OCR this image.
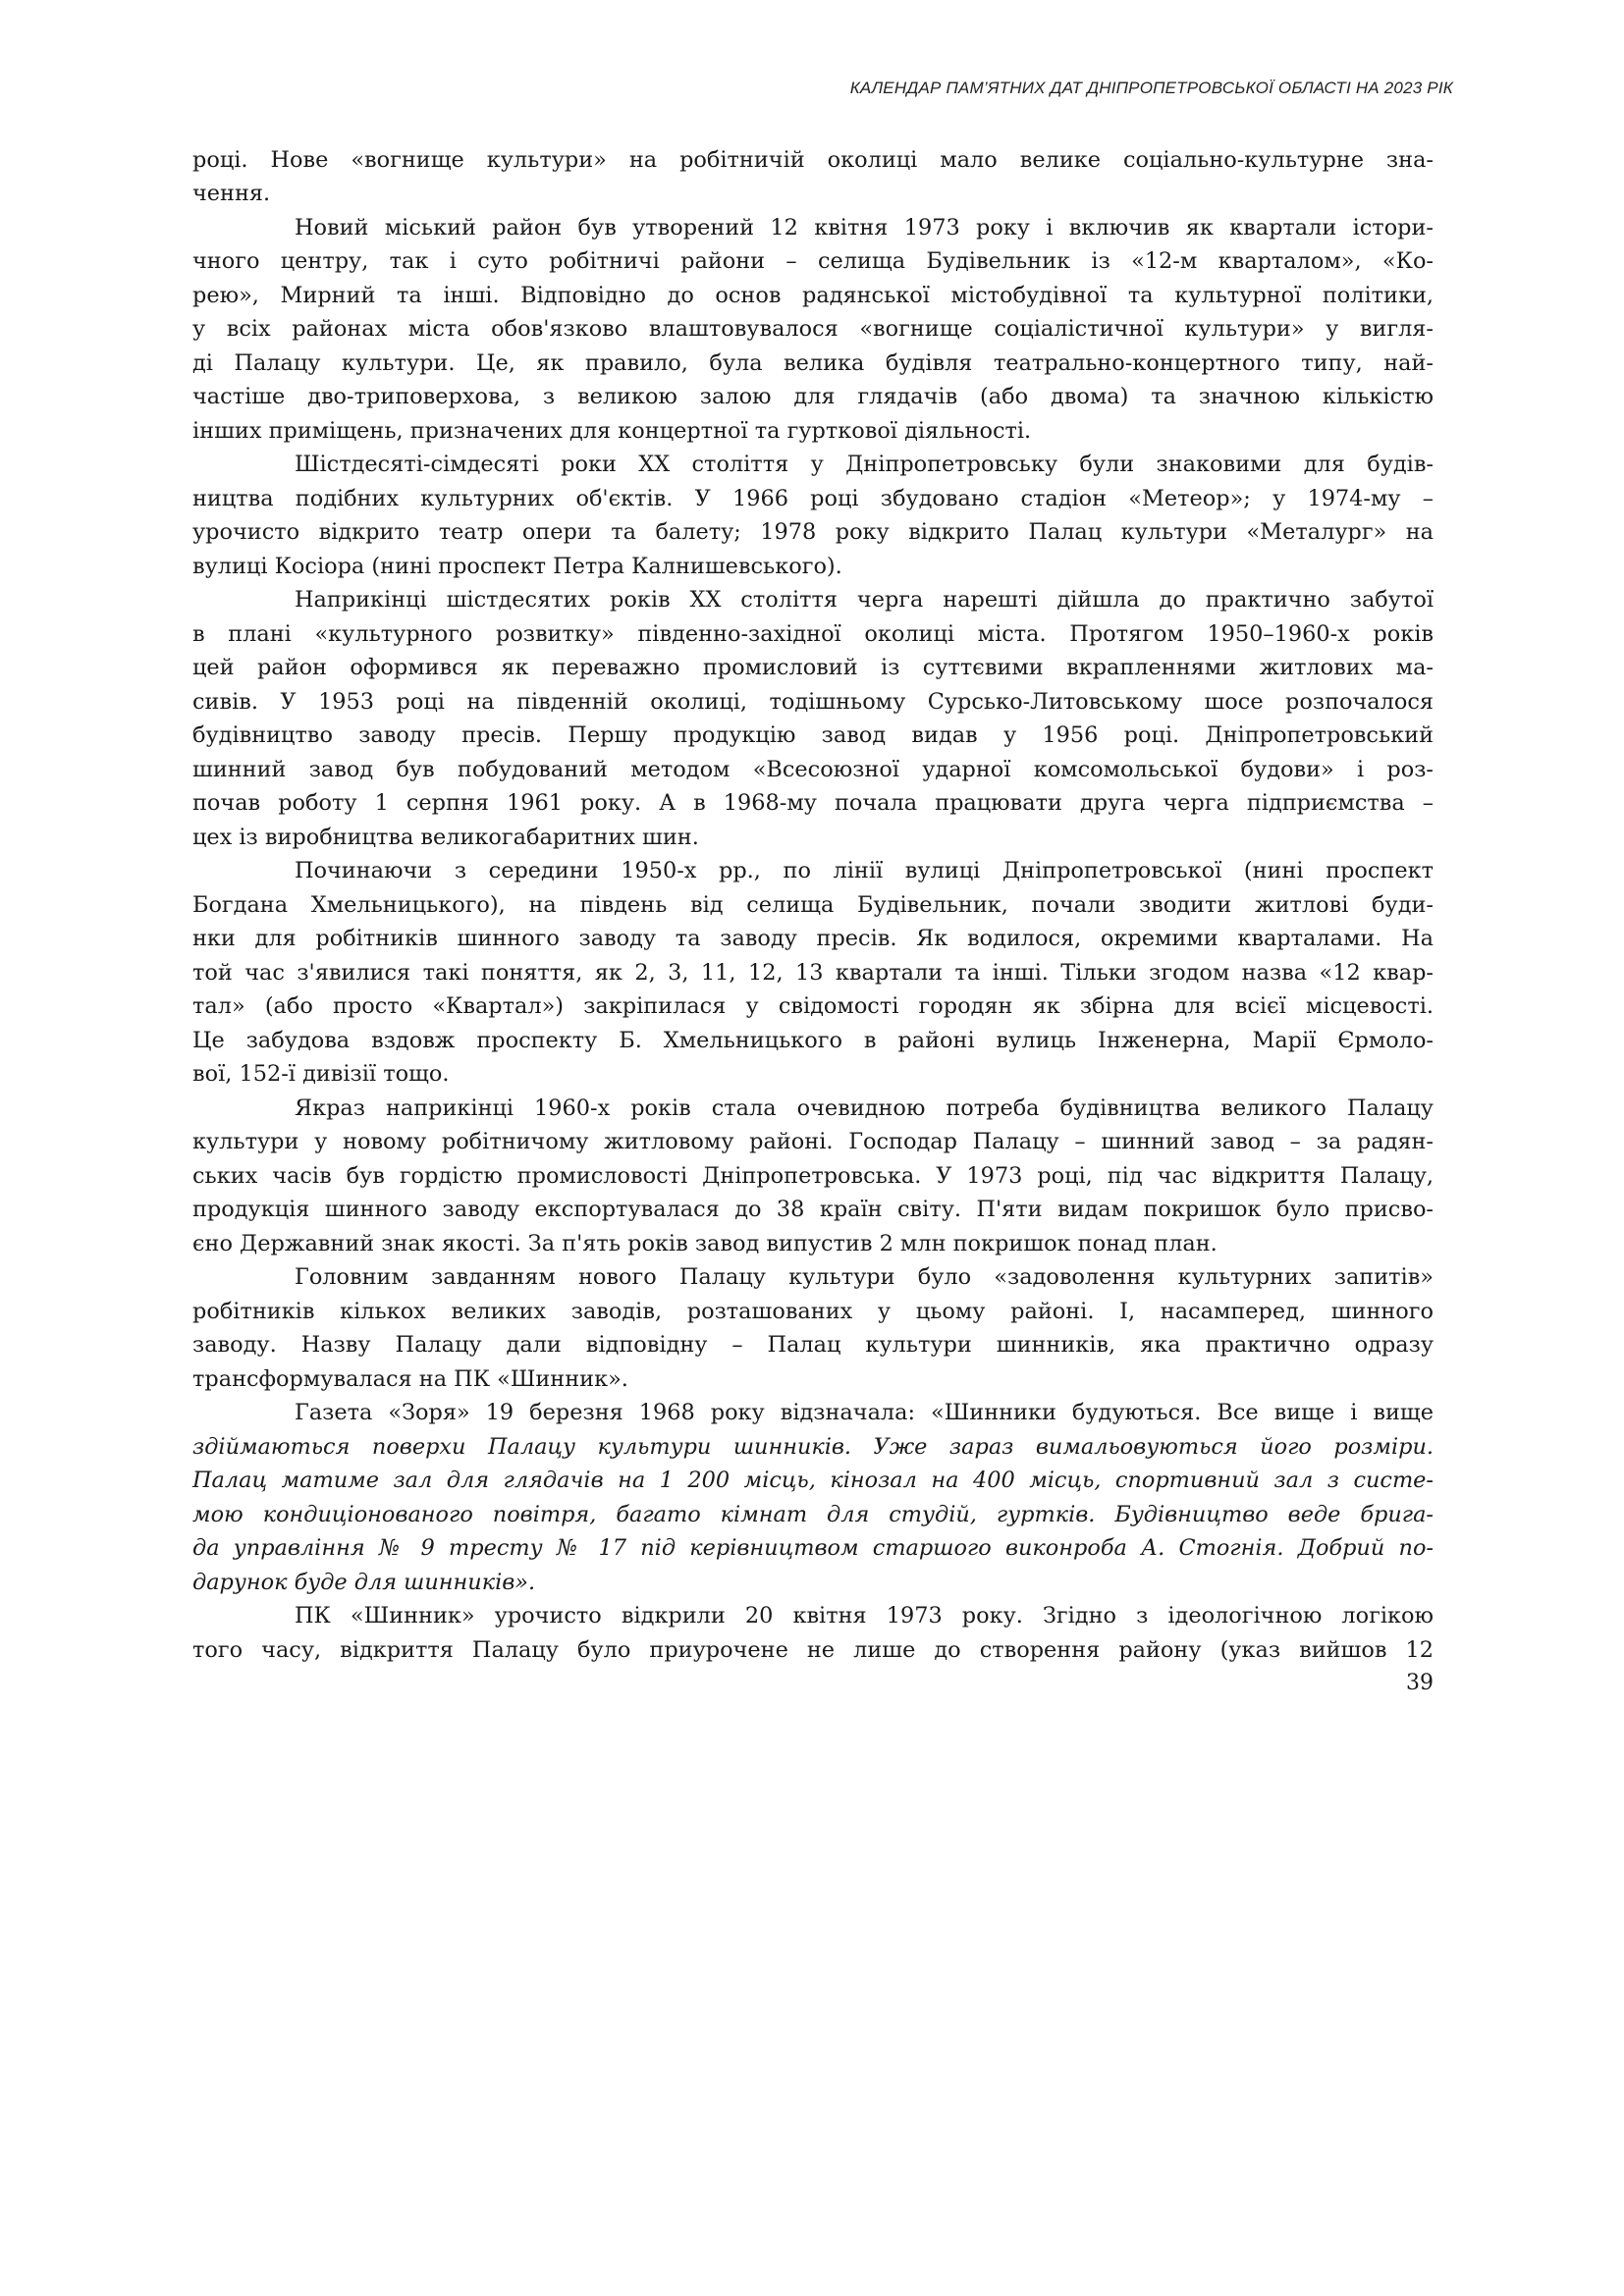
КАЛЕНДАР ПАМ’ЯТНИХ ДАТ ДНІПРОПЕТРОВСЬКОЇ ОБЛАСТІ НА 2023 РІК

році. Нове «вогнище культури» на робітничій околиці мало велике соціально-культурне зна-

чення.

Новий міський район був утворений 12 квітня 1973 року і включив як квартали істори-

чного центру, так і суто робітничі райони – селища Будівельник із «12-м кварталом», «Ко-

рею», Мирний та інші. Відповідно до основ радянської містобудівної та культурної політики,

у всіх районах міста обов'язково влаштовувалося «вогнище соціалістичної культури» у вигля-

ді Палацу культури. Це, як правило, була велика будівля театрально-концертного типу, най-

частіше дво-триповерхова, з великою залою для глядачів (або двома) та значною кількістю

інших приміщень, призначених для концертної та гурткової діяльності.

Шістдесяті-сімдесяті роки ХХ століття у Дніпропетровську були знаковими для будів-

ництва подібних культурних об'єктів. У 1966 році збудовано стадіон «Метеор»; у 1974-му –

урочисто відкрито театр опери та балету; 1978 року відкрито Палац культури «Металург» на

вулиці Косіора (нині проспект Петра Калнишевського).

Наприкінці шістдесятих років ХХ століття черга нарешті дійшла до практично забутої

в плані «культурного розвитку» південно-західної околиці міста. Протягом 1950–1960-х років

цей район оформився як переважно промисловий із суттєвими вкрапленнями житлових ма-

сивів. У 1953 році на південній околиці, тодішньому Сурсько-Литовському шосе розпочалося

будівництво заводу пресів. Першу продукцію завод видав у 1956 році. Дніпропетровський

шинний завод був побудований методом «Всесоюзної ударної комсомольської будови» і роз-

почав роботу 1 серпня 1961 року. А в 1968-му почала працювати друга черга підприємства –

цех із виробництва великогабаритних шин.

Починаючи з середини 1950-х рр., по лінії вулиці Дніпропетровської (нині проспект

Богдана Хмельницького), на південь від селища Будівельник, почали зводити житлові буди-

нки для робітників шинного заводу та заводу пресів. Як водилося, окремими кварталами. На

той час з'явилися такі поняття, як 2, 3, 11, 12, 13 квартали та інші. Тільки згодом назва «12 квар-

тал» (або просто «Квартал») закріпилася у свідомості городян як збірна для всієї місцевості.

Це забудова вздовж проспекту Б. Хмельницького в районі вулиць Інженерна, Марії Єрмоло-

вої, 152-ї дивізії тощо.

Якраз наприкінці 1960-х років стала очевидною потреба будівництва великого Палацу

культури у новому робітничому житловому районі. Господар Палацу – шинний завод – за радян-

ських часів був гордістю промисловості Дніпропетровська. У 1973 році, під час відкриття Палацу,

продукція шинного заводу експортувалася до 38 країн світу. П'яти видам покришок було присво-

єно Державний знак якості. За п'ять років завод випустив 2 млн покришок понад план.

Головним завданням нового Палацу культури було «задоволення культурних запитів»

робітників кількох великих заводів, розташованих у цьому районі. І, насамперед, шинного

заводу. Назву Палацу дали відповідну – Палац культури шинників, яка практично одразу

трансформувалася на ПК «Шинник».

Газета «Зоря» 19 березня 1968 року відзначала: «Шинники будуються. Все вище і вище

здіймаються поверхи Палацу культури шинників. Уже зараз вимальовуються його розміри.

Палац матиме зал для глядачів на 1 200 місць, кінозал на 400 місць, спортивний зал з систе-

мою кондиціонованого повітря, багато кімнат для студій, гуртків. Будівництво веде брига-

да управління № 9 тресту № 17 під керівництвом старшого виконроба А. Стогнія. Добрий по-

дарунок буде для шинників».

ПК «Шинник» урочисто відкрили 20 квітня 1973 року. Згідно з ідеологічною логікою

того часу, відкриття Палацу було приурочене не лише до створення району (указ вийшов 12

39
